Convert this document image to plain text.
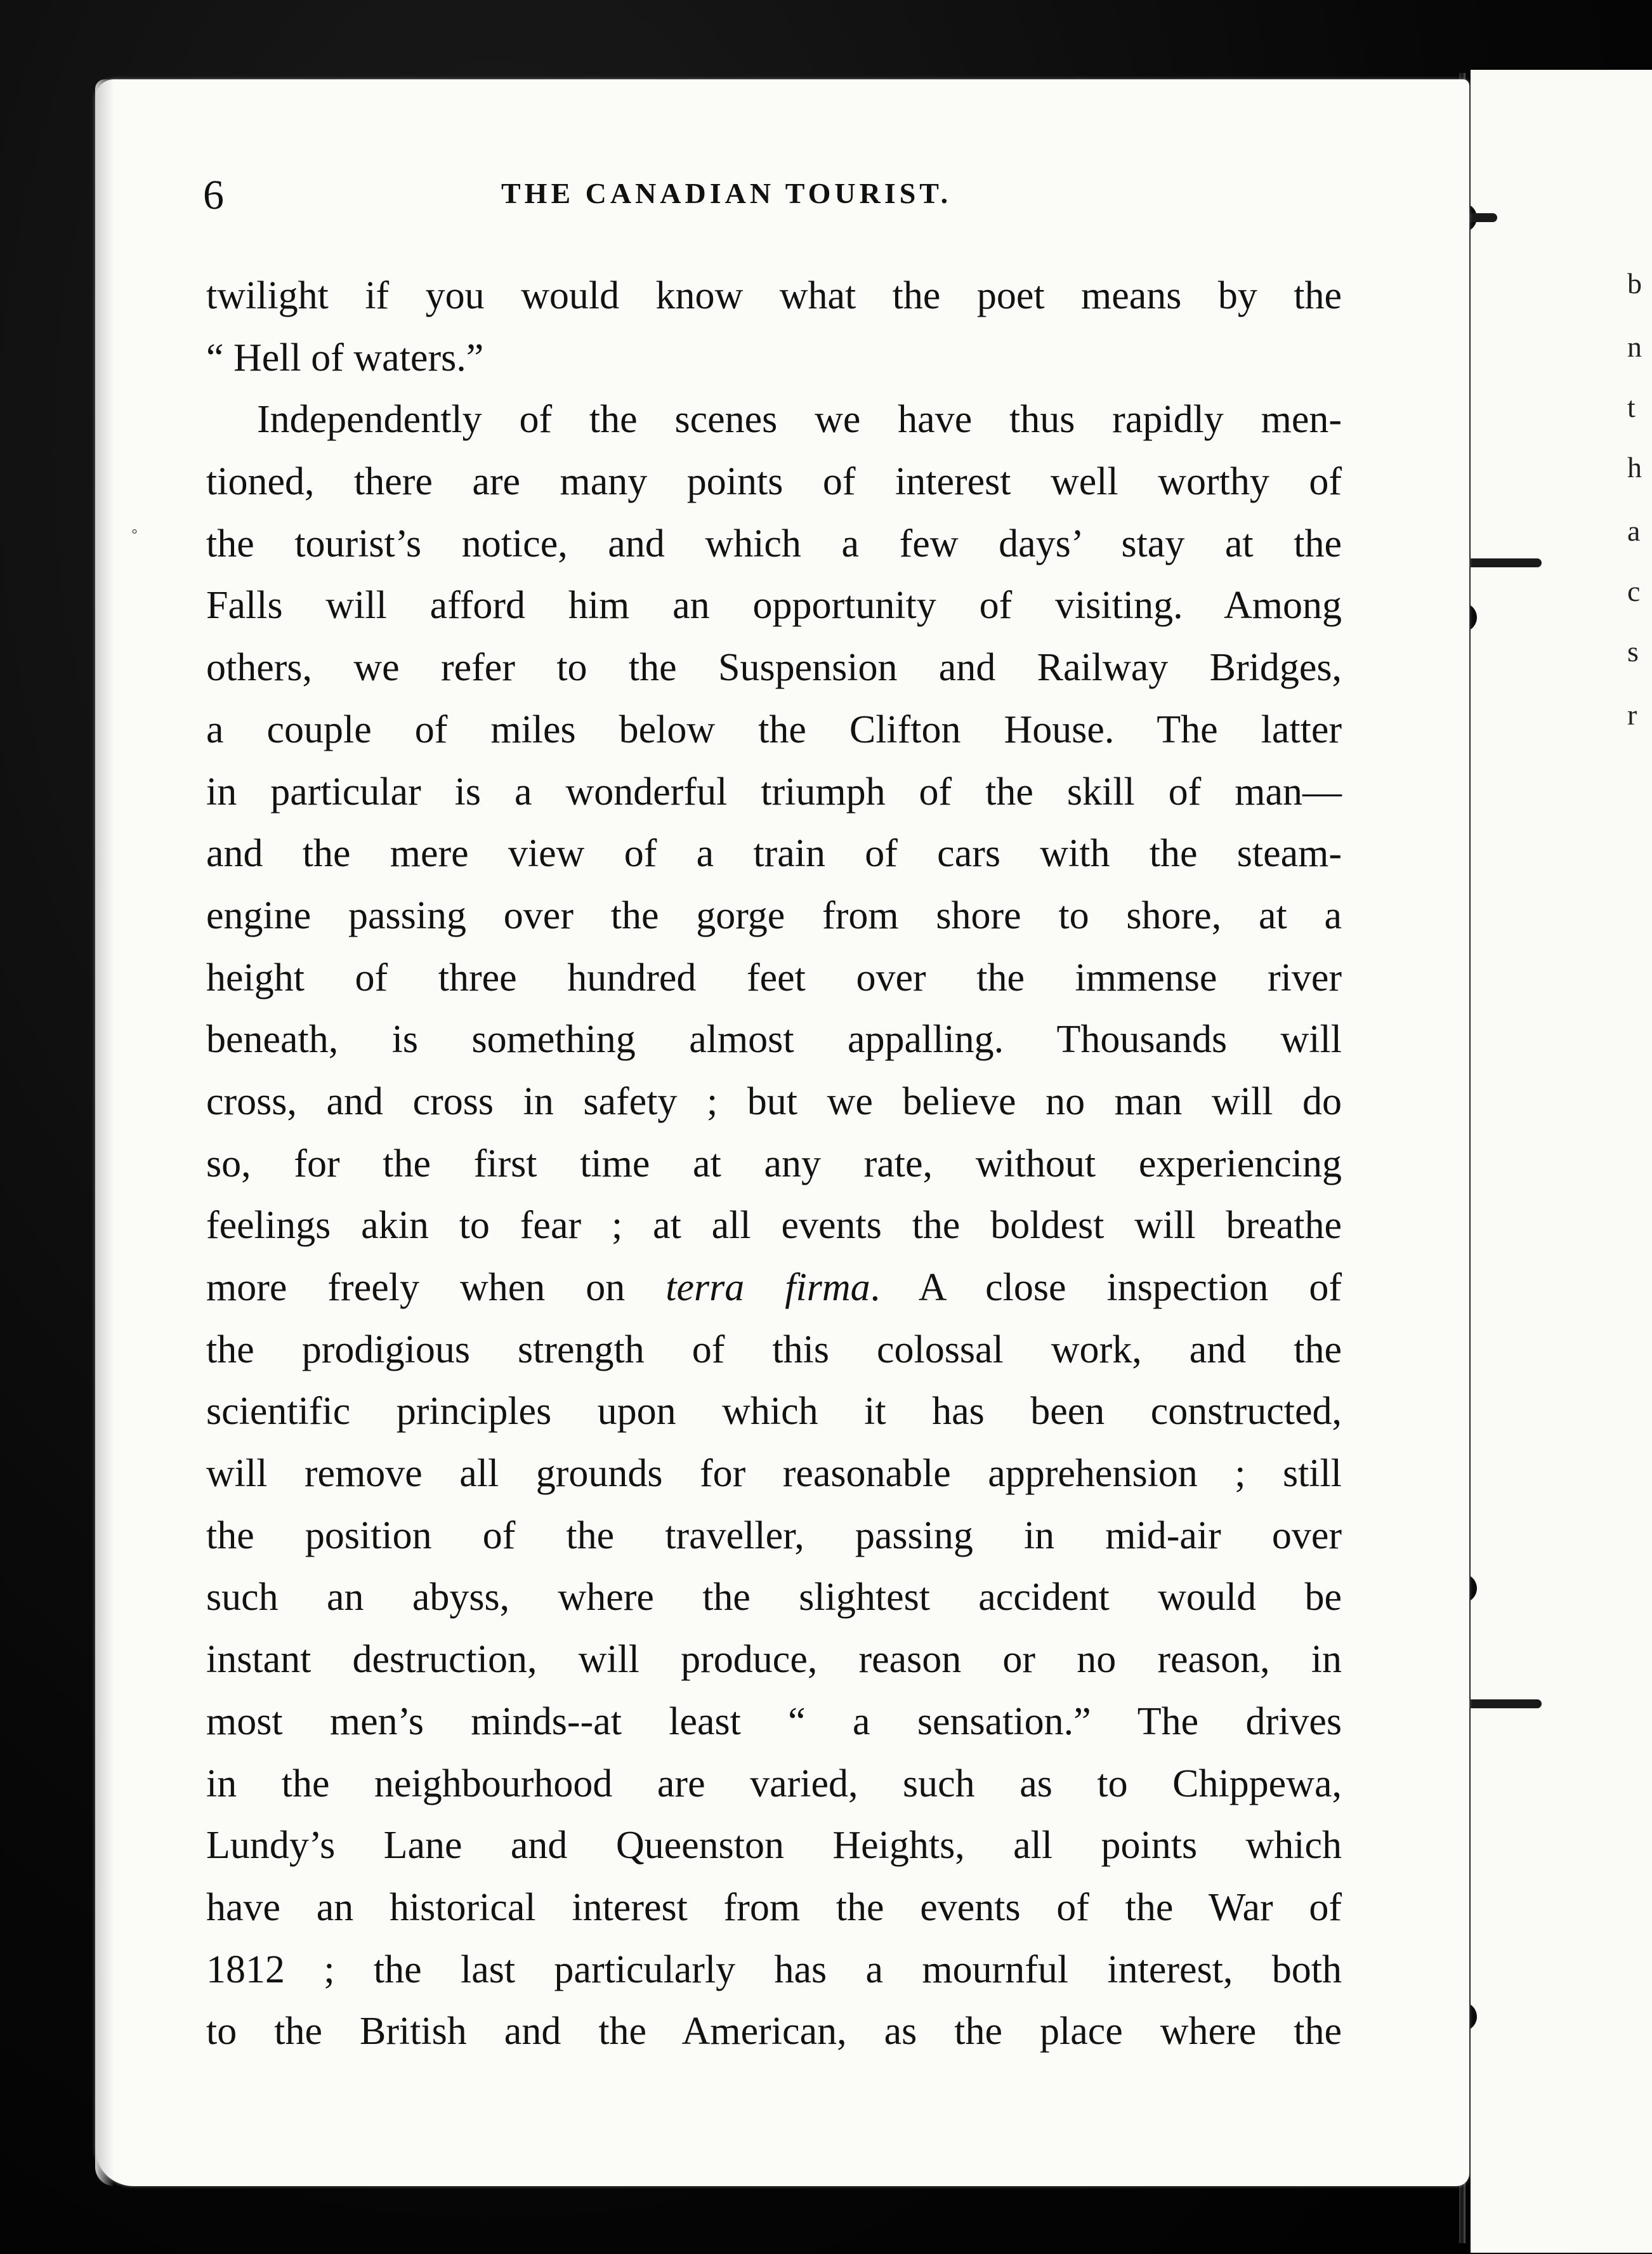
˳
6	THE CANADIAN TOURIST.
twilight if you would know what the poet means by the
“ Hell of waters.”
Independently of the scenes we have thus rapidly men-
tioned, there are many points of interest well worthy of
the tourist’s notice, and which a few days’ stay at the
Falls will afford him an opportunity of visiting. Among
others, we refer to the Suspension and Railway Bridges,
a couple of miles below the Clifton House. The latter
in particular is a wonderful triumph of the skill of man—
and the mere view of a train of cars with the steam-
engine passing over the gorge from shore to shore, at a
height of three hundred feet over the immense river
beneath, is something almost appalling. Thousands will
cross, and cross in safety ; but we believe no man will do
so, for the first time at any rate, without experiencing
feelings akin to fear ; at all events the boldest will breathe
more freely when on terra firma. A close inspection of
the prodigious strength of this colossal work, and the
scientific principles upon which it has been constructed,
will remove all grounds for reasonable apprehension ; still
the position of the traveller, passing in mid-air over
such an abyss, where the slightest accident would be
instant destruction, will produce, reason or no reason, in
most men’s minds--at least “ a sensation.” The drives
in the neighbourhood are varied, such as to Chippewa,
Lundy’s Lane and Queenston Heights, all points which
have an historical interest from the events of the War of
1812 ; the last particularly has a mournful interest, both
to the British and the American, as the place where the
b
n
t
h
a
c
s
r
